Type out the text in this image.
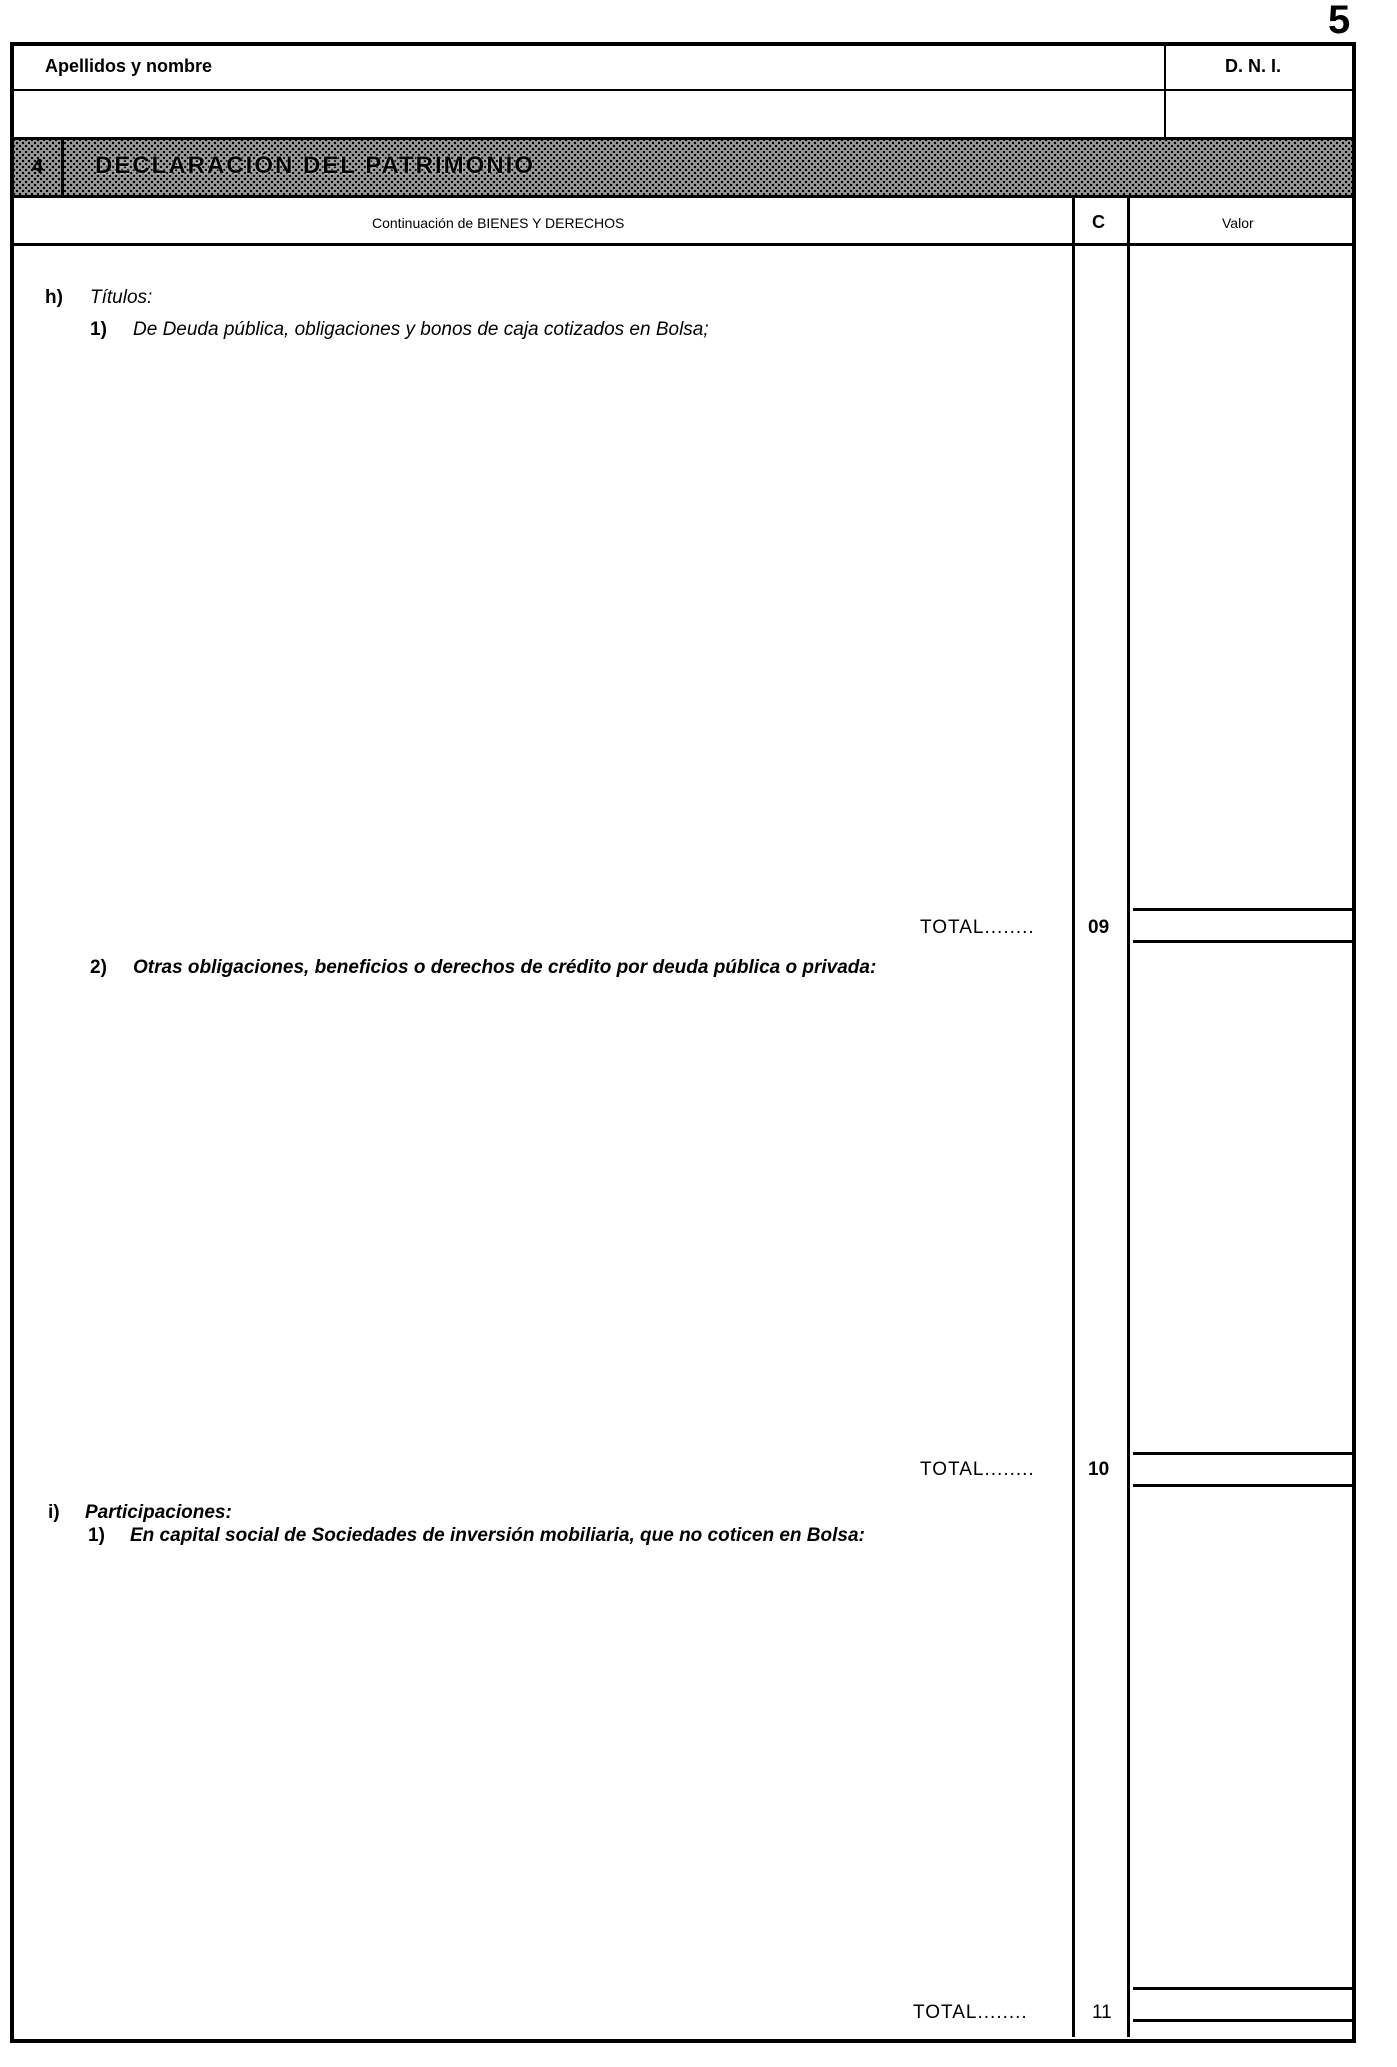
5
Apellidos y nombre	D. N. I.
4	DECLARACIÓN DEL PATRIMONIO
Continuación de BIENES Y DERECHOS	C	Valor
h) Títulos:
1) De Deuda pública, obligaciones y bonos de caja cotizados en Bolsa;
TOTAL........	09
2) Otras obligaciones, beneficios o derechos de crédito por deuda pública o privada:
TOTAL........	10
i) Participaciones:
1) En capital social de Sociedades de inversión mobiliaria, que no coticen en Bolsa:
TOTAL........	11
